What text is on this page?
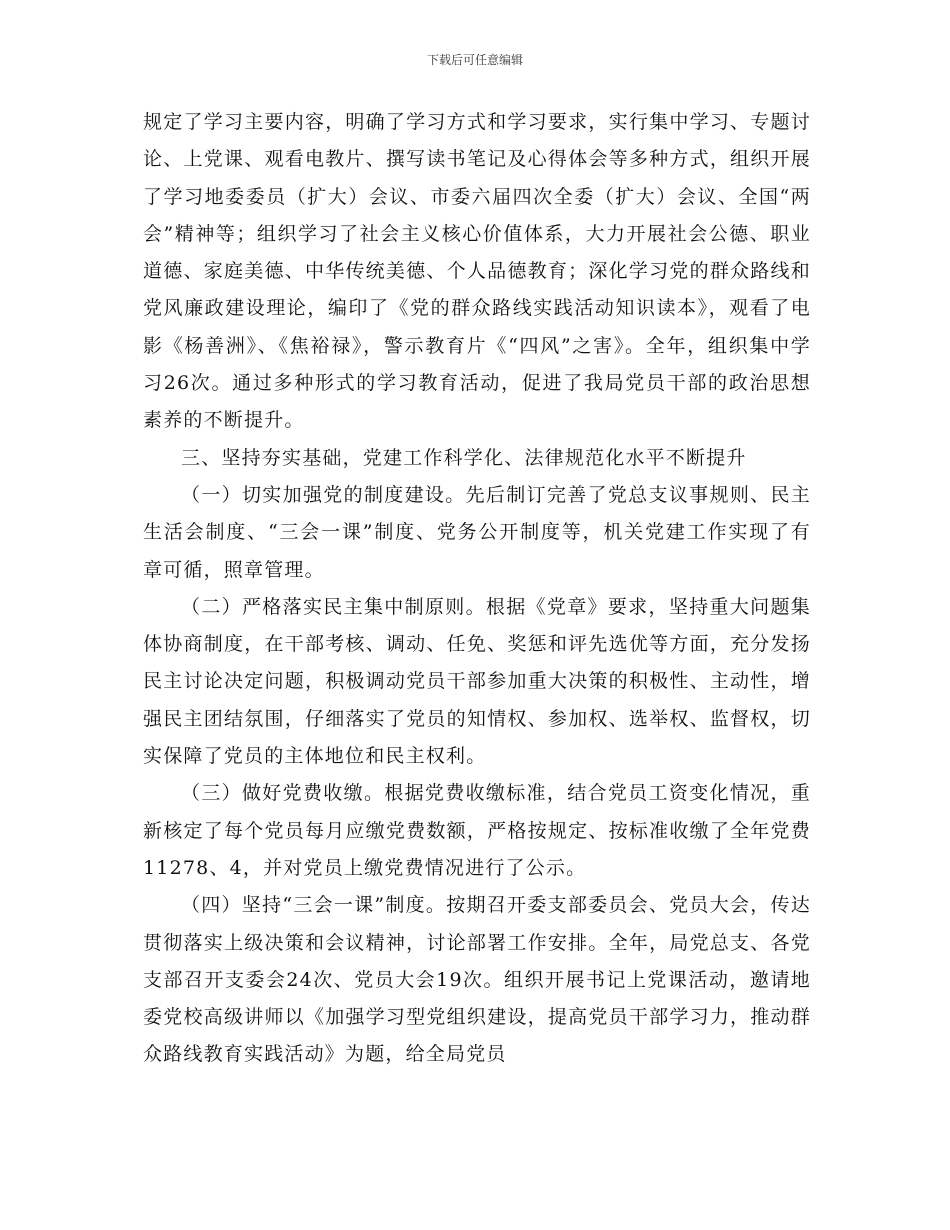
下载后可任意编辑

规定了学习主要内容，明确了学习方式和学习要求，实行集中学习、专题讨论、上党课、观看电教片、撰写读书笔记及心得体会等多种方式，组织开展了学习地委委员（扩大）会议、市委六届四次全委（扩大）会议、全国“两会”精神等；组织学习了社会主义核心价值体系，大力开展社会公德、职业道德、家庭美德、中华传统美德、个人品德教育；深化学习党的群众路线和党风廉政建设理论，编印了《党的群众路线实践活动知识读本》，观看了电影《杨善洲》、《焦裕禄》，警示教育片《“四风”之害》。全年，组织集中学习26次。通过多种形式的学习教育活动，促进了我局党员干部的政治思想素养的不断提升。

三、坚持夯实基础，党建工作科学化、法律规范化水平不断提升

（一）切实加强党的制度建设。先后制订完善了党总支议事规则、民主生活会制度、“三会一课”制度、党务公开制度等，机关党建工作实现了有章可循，照章管理。

（二）严格落实民主集中制原则。根据《党章》要求，坚持重大问题集体协商制度，在干部考核、调动、任免、奖惩和评先选优等方面，充分发扬民主讨论决定问题，积极调动党员干部参加重大决策的积极性、主动性，增强民主团结氛围，仔细落实了党员的知情权、参加权、选举权、监督权，切实保障了党员的主体地位和民主权利。

（三）做好党费收缴。根据党费收缴标准，结合党员工资变化情况，重新核定了每个党员每月应缴党费数额，严格按规定、按标准收缴了全年党费11278、4，并对党员上缴党费情况进行了公示。

（四）坚持“三会一课”制度。按期召开委支部委员会、党员大会，传达贯彻落实上级决策和会议精神，讨论部署工作安排。全年，局党总支、各党支部召开支委会24次、党员大会19次。组织开展书记上党课活动，邀请地委党校高级讲师以《加强学习型党组织建设，提高党员干部学习力，推动群众路线教育实践活动》为题，给全局党员
